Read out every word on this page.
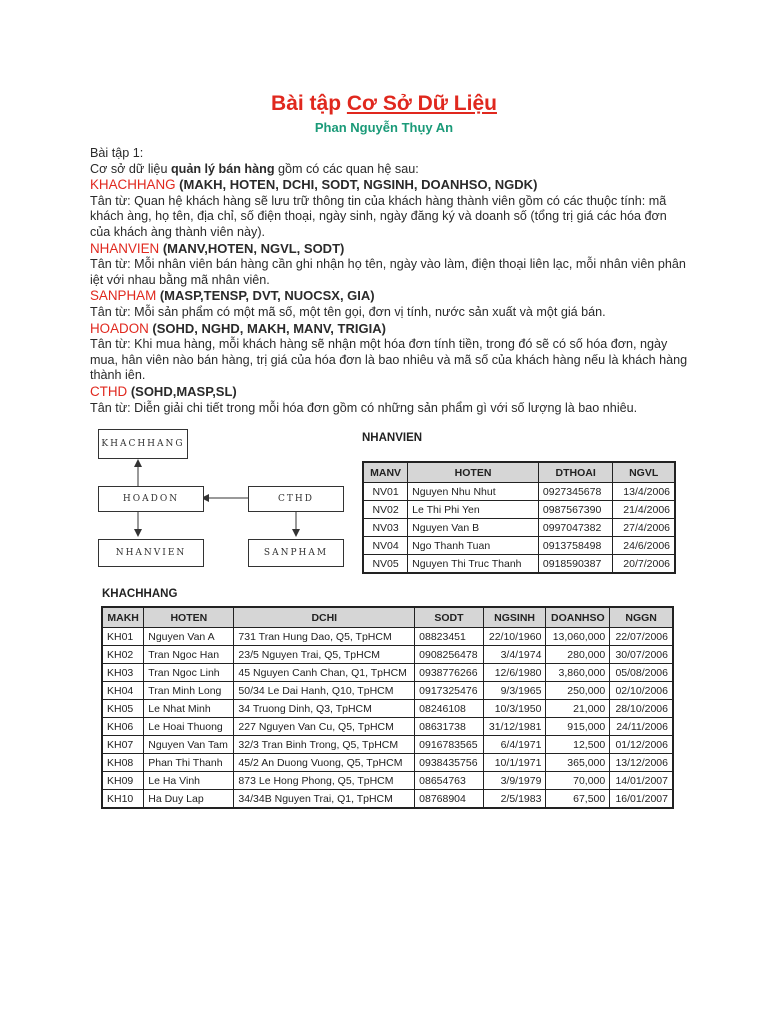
Bài tập Cơ Sở Dữ Liệu
Phan Nguyễn Thụy An

Bài tập 1:

Cơ sở dữ liệu quản lý bán hàng gồm có các quan hệ sau:

KHACHHANG (MAKH, HOTEN, DCHI, SODT, NGSINH, DOANHSO, NGDK)

Tân từ: Quan hệ khách hàng sẽ lưu trữ thông tin của khách hàng thành viên gồm có các thuộc tính: mã khách àng, họ tên, địa chỉ, số điện thoại, ngày sinh, ngày đăng ký và doanh số (tổng trị giá các hóa đơn của khách àng thành viên này).

NHANVIEN (MANV,HOTEN, NGVL, SODT)

Tân từ: Mỗi nhân viên bán hàng cần ghi nhận họ tên, ngày vào làm, điện thoại liên lạc, mỗi nhân viên phân iệt với nhau bằng mã nhân viên.

SANPHAM (MASP,TENSP, DVT, NUOCSX, GIA)

Tân từ: Mỗi sản phẩm có một mã số, một tên gọi, đơn vị tính, nước sản xuất và một giá bán.

HOADON (SOHD, NGHD, MAKH, MANV, TRIGIA)

Tân từ: Khi mua hàng, mỗi khách hàng sẽ nhận một hóa đơn tính tiền, trong đó sẽ có số hóa đơn, ngày mua, hân viên nào bán hàng, trị giá của hóa đơn là bao nhiêu và mã số của khách hàng nếu là khách hàng thành iên.

CTHD (SOHD,MASP,SL)

Tân từ: Diễn giải chi tiết trong mỗi hóa đơn gồm có những sản phẩm gì với số lượng là bao nhiêu.

KHACHHANG
HOADON	CTHD
NHANVIEN	SANPHAM
NHANVIEN
MANV	HOTEN	DTHOAI	NGVL
NV01	Nguyen Nhu Nhut	0927345678	13/4/2006
NV02	Le Thi Phi Yen	0987567390	21/4/2006
NV03	Nguyen Van B	0997047382	27/4/2006
NV04	Ngo Thanh Tuan	0913758498	24/6/2006
NV05	Nguyen Thi Truc Thanh	0918590387	20/7/2006
KHACHHANG
MAKH	HOTEN	DCHI	SODT	NGSINH	DOANHSO	NGGN
KH01	Nguyen Van A	731 Tran Hung Dao, Q5, TpHCM	08823451	22/10/1960	13,060,000	22/07/2006
KH02	Tran Ngoc Han	23/5 Nguyen Trai, Q5, TpHCM	0908256478	3/4/1974	280,000	30/07/2006
KH03	Tran Ngoc Linh	45 Nguyen Canh Chan, Q1, TpHCM	0938776266	12/6/1980	3,860,000	05/08/2006
KH04	Tran Minh Long	50/34 Le Dai Hanh, Q10, TpHCM	0917325476	9/3/1965	250,000	02/10/2006
KH05	Le Nhat Minh	34 Truong Dinh, Q3, TpHCM	08246108	10/3/1950	21,000	28/10/2006
KH06	Le Hoai Thuong	227 Nguyen Van Cu, Q5, TpHCM	08631738	31/12/1981	915,000	24/11/2006
KH07	Nguyen Van Tam	32/3 Tran Binh Trong, Q5, TpHCM	0916783565	6/4/1971	12,500	01/12/2006
KH08	Phan Thi Thanh	45/2 An Duong Vuong, Q5, TpHCM	0938435756	10/1/1971	365,000	13/12/2006
KH09	Le Ha Vinh	873 Le Hong Phong, Q5, TpHCM	08654763	3/9/1979	70,000	14/01/2007
KH10	Ha Duy Lap	34/34B Nguyen Trai, Q1, TpHCM	08768904	2/5/1983	67,500	16/01/2007
